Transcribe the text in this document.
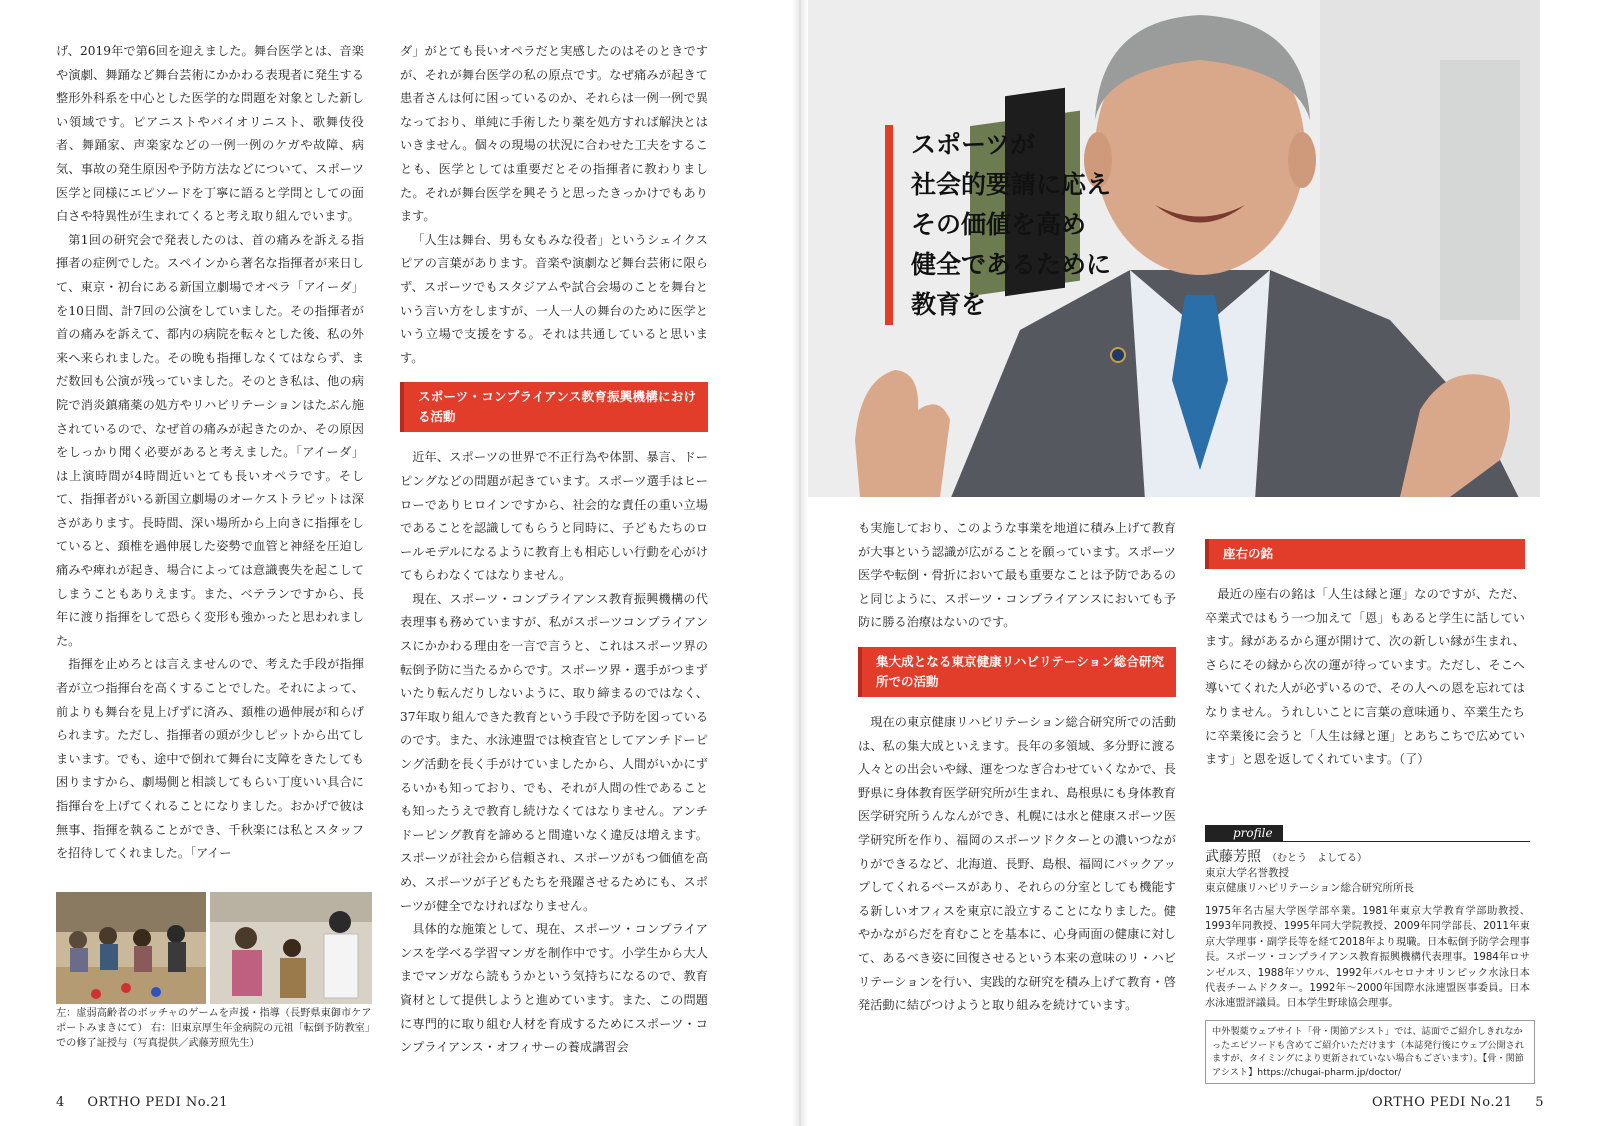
げ、2019年で第6回を迎えました。舞台医学とは、音楽や演劇、舞踊など舞台芸術にかかわる表現者に発生する整形外科系を中心とした医学的な問題を対象とした新しい領域です。ピアニストやバイオリニスト、歌舞伎役者、舞踊家、声楽家などの一例一例のケガや故障、病気、事故の発生原因や予防方法などについて、スポーツ医学と同様にエピソードを丁寧に語ると学問としての面白さや特異性が生まれてくると考え取り組んでいます。

第1回の研究会で発表したのは、首の痛みを訴える指揮者の症例でした。スペインから著名な指揮者が来日して、東京・初台にある新国立劇場でオペラ「アイーダ」を10日間、計7回の公演をしていました。その指揮者が首の痛みを訴えて、都内の病院を転々とした後、私の外来へ来られました。その晩も指揮しなくてはならず、まだ数回も公演が残っていました。そのとき私は、他の病院で消炎鎮痛薬の処方やリハビリテーションはたぶん施されているので、なぜ首の痛みが起きたのか、その原因をしっかり聞く必要があると考えました。「アイーダ」は上演時間が4時間近いとても長いオペラです。そして、指揮者がいる新国立劇場のオーケストラピットは深さがあります。長時間、深い場所から上向きに指揮をしていると、頚椎を過伸展した姿勢で血管と神経を圧迫し痛みや痺れが起き、場合によっては意識喪失を起こしてしまうこともありえます。また、ベテランですから、長年に渡り指揮をして恐らく変形も強かったと思われました。

指揮を止めろとは言えませんので、考えた手段が指揮者が立つ指揮台を高くすることでした。それによって、前よりも舞台を見上げずに済み、頚椎の過伸展が和らげられます。ただし、指揮者の頭が少しピットから出てしまいます。でも、途中で倒れて舞台に支障をきたしても困りますから、劇場側と相談してもらい丁度いい具合に指揮台を上げてくれることになりました。おかげで彼は無事、指揮を執ることができ、千秋楽には私とスタッフを招待してくれました。「アイー

ダ」がとても長いオペラだと実感したのはそのときですが、それが舞台医学の私の原点です。なぜ痛みが起きて患者さんは何に困っているのか、それらは一例一例で異なっており、単純に手術したり薬を処方すれば解決とはいきません。個々の現場の状況に合わせた工夫をすることも、医学としては重要だとその指揮者に教わりました。それが舞台医学を興そうと思ったきっかけでもあります。

「人生は舞台、男も女もみな役者」というシェイクスピアの言葉があります。音楽や演劇など舞台芸術に限らず、スポーツでもスタジアムや試合会場のことを舞台という言い方をしますが、一人一人の舞台のために医学という立場で支援をする。それは共通していると思います。

スポーツ・コンプライアンス教育振興機構における活動

近年、スポーツの世界で不正行為や体罰、暴言、ドーピングなどの問題が起きています。スポーツ選手はヒーローでありヒロインですから、社会的な責任の重い立場であることを認識してもらうと同時に、子どもたちのロールモデルになるように教育上も相応しい行動を心がけてもらわなくてはなりません。

現在、スポーツ・コンプライアンス教育振興機構の代表理事も務めていますが、私がスポーツコンプライアンスにかかわる理由を一言で言うと、これはスポーツ界の転倒予防に当たるからです。スポーツ界・選手がつまずいたり転んだりしないように、取り締まるのではなく、37年取り組んできた教育という手段で予防を図っているのです。また、水泳連盟では検査官としてアンチドーピング活動を長く手がけていましたから、人間がいかにずるいかも知っており、でも、それが人間の性であることも知ったうえで教育し続けなくてはなりません。アンチドーピング教育を諦めると間違いなく違反は増えます。スポーツが社会から信頼され、スポーツがもつ価値を高め、スポーツが子どもたちを飛躍させるためにも、スポーツが健全でなければなりません。

具体的な施策として、現在、スポーツ・コンプライアンスを学べる学習マンガを制作中です。小学生から大人までマンガなら読もうかという気持ちになるので、教育資材として提供しようと進めています。また、この問題に専門的に取り組む人材を育成するためにスポーツ・コンプライアンス・オフィサーの養成講習会

左：虚弱高齢者のボッチャのゲームを声援・指導（長野県東御市ケアポートみまきにて） 右：旧東京厚生年金病院の元祖「転倒予防教室」での修了証授与（写真提供／武藤芳照先生）
4 ORTHO PEDI No.21

も実施しており、このような事業を地道に積み上げて教育が大事という認識が広がることを願っています。スポーツ医学や転倒・骨折において最も重要なことは予防であるのと同じように、スポーツ・コンプライアンスにおいても予防に勝る治療はないのです。

集大成となる東京健康リハビリテーション総合研究所での活動

現在の東京健康リハビリテーション総合研究所での活動は、私の集大成といえます。長年の多領域、多分野に渡る人々との出会いや縁、運をつなぎ合わせていくなかで、長野県に身体教育医学研究所が生まれ、島根県にも身体教育医学研究所うんなんができ、札幌には水と健康スポーツ医学研究所を作り、福岡のスポーツドクターとの濃いつながりができるなど、北海道、長野、島根、福岡にバックアップしてくれるベースがあり、それらの分室としても機能する新しいオフィスを東京に設立することになりました。健やかながらだを育むことを基本に、心身両面の健康に対して、あるべき姿に回復させるという本来の意味のリ・ハビリテーションを行い、実践的な研究を積み上げて教育・啓発活動に結びつけようと取り組みを続けています。

座右の銘

最近の座右の銘は「人生は縁と運」なのですが、ただ、卒業式ではもう一つ加えて「恩」もあると学生に話しています。縁があるから運が開けて、次の新しい縁が生まれ、さらにその縁から次の運が待っています。ただし、そこへ導いてくれた人が必ずいるので、その人への恩を忘れてはなりません。うれしいことに言葉の意味通り、卒業生たちに卒業後に会うと「人生は縁と運」とあちこちで広めています」と恩を返してくれています。（了）

ORTHO PEDI No.21 5
スポーツが
社会的要請に応え
その価値を高め
健全であるために
教育を
profile
武藤芳照 （むとう　よしてる）
東京大学名誉教授
東京健康リハビリテーション総合研究所所長
1975年名古屋大学医学部卒業。1981年東京大学教育学部助教授、1993年同教授、1995年同大学院教授、2009年同学部長、2011年東京大学理事・副学長等を経て2018年より現職。日本転倒予防学会理事長。スポーツ・コンプライアンス教育振興機構代表理事。1984年ロサンゼルス、1988年ソウル、1992年バルセロナオリンピック水泳日本代表チームドクター。1992年～2000年国際水泳連盟医事委員。日本水泳連盟評議員。日本学生野球協会理事。
中外製薬ウェブサイト「骨・関節アシスト」では、誌面でご紹介しきれなかったエピソードも含めてご紹介いただけます（本誌発行後にウェブ公開されますが、タイミングにより更新されていない場合もございます）。【骨・関節アシスト】https://chugai-pharm.jp/doctor/
